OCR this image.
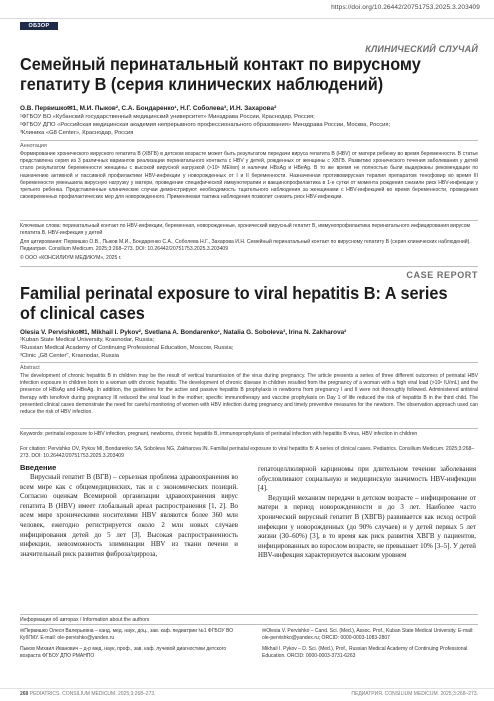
https://doi.org/10.26442/20751753.2025.3.203409
ОБЗОР
КЛИНИЧЕСКИЙ СЛУЧАЙ
Семейный перинатальный контакт по вирусному гепатиту В (серия клинических наблюдений)
О.В. Первишко✉1, М.И. Пыков², С.А. Бондаренко¹, Н.Г. Соболева³, И.Н. Захарова²
¹ФГБОУ ВО «Кубанский государственный медицинский университет» Минздрава России, Краснодар, Россия;
²ФГБОУ ДПО «Российская медицинская академия непрерывного профессионального образования» Минздрава России, Москва, Россия;
³Клиника «G8 Center», Краснодар, Россия
Аннотация
Формирование хронического вирусного гепатита В (ХВГВ) в детском возрасте может быть результатом передачи вируса гепатита В (HBV) от матери ребенку во время беременности. В статье представлена серия из 3 различных вариантов реализации перинатального контакта с HBV у детей, рожденных от женщины с ХВГВ. Развитию хронического течения заболевания у детей стало результатом беременности женщины с высокой вирусной нагрузкой (>10⁶ МЕ/мл) и наличии HBsAg и HBeAg. В то же время не полностью были выдержаны рекомендации по назначению активной и пассивной профилактики HBV-инфекции у новорожденных от I и II беременности. Назначенная противовирусная терапия препаратом тенофовир во время III беременности уменьшила вирусную нагрузку у матери, проведение специфической иммунотерапии и вакцинопрофилактика в 1-е сутки от момента рождения снизили риск HBV-инфекции у третьего ребенка. Представленные клинические случаи демонстрируют необходимость тщательного наблюдения за женщинами с HBV-инфекцией во время беременности, проведения своевременных профилактических мер для новорожденного. Применяемая тактика наблюдения позволит снизить риск HBV-инфекции.
Ключевые слова: перинатальный контакт по HBV-инфекции, беременная, новорожденные, хронический вирусный гепатит В, иммунопрофилактика перинатального инфицирования вирусом гепатита В, HBV-инфекция у детей
Для цитирования: Первишко О.В., Пыков М.И., Бондаренко С.А., Соболева Н.Г., Захарова И.Н. Семейный перинатальный контакт по вирусному гепатиту В (серия клинических наблюдений). Педиатрия. Consilium Medicum. 2025;3:268–273. DOI: 10.26442/20751753.2025.3.203409
© ООО «КОНСИЛИУМ МЕДИКУМ», 2025 г.
CASE REPORT
Familial perinatal exposure to viral hepatitis B: A series of clinical cases
Olesia V. Pervishko✉1, Mikhail I. Pykov², Svetlana A. Bondarenko¹, Natalia G. Soboleva³, Irina N. Zakharova²
¹Kuban State Medical University, Krasnodar, Russia;
²Russian Medical Academy of Continuing Professional Education, Moscow, Russia;
³Clinic „G8 Center", Krasnodar, Russia
Abstract
The development of chronic hepatitis B in children may be the result of vertical transmission of the virus during pregnancy. The article presents a series of three different outcomes of perinatal HBV infection exposure in children born to a woman with chronic hepatitis. The development of chronic disease in children resulted from the pregnancy of a woman with a high viral load (>10⁶ IU/mL) and the presence of HBsAg and HBeAg. In addition, the guidelines for the active and passive hepatitis B prophylaxis in newborns from pregnancy I and II were not thoroughly followed. Administered antiviral therapy with tenofovir during pregnancy III reduced the viral load in the mother; specific immunotherapy and vaccine prophylaxis on Day 1 of life reduced the risk of hepatitis B in the third child. The presented clinical cases demonstrate the need for careful monitoring of women with HBV infection during pregnancy and timely preventive measures for the newborn. The observation approach used can reduce the risk of HBV infection.
Keywords: perinatal exposure to HBV infection, pregnant, newborns, chronic hepatitis B, immunoprophylaxis of perinatal infection with hepatitis B virus, HBV infection in children
For citation: Pervishko OV, Pykov MI, Bondarenko SA, Soboleva NG, Zakharova IN. Familial perinatal exposure to viral hepatitis B: A series of clinical cases. Pediatrics. Consilium Medicum. 2025;3:268–273. DOI: 10.26442/20751753.2025.3.203409
Введение

Вирусный гепатит В (ВГВ) – серьезная проблема здравоохранения во всем мире как с общемедицинских, так и с экономических позиций. Согласно оценкам Всемирной организации здравоохранения вирус гепатита В (HBV) имеет глобальный ареал распространения [1, 2]. Во всем мире хроническими носителями HBV являются более 360 млн человек, ежегодно регистрируется около 2 млн новых случаев инфицирования детей до 5 лет [3]. Высокая распространенность инфекции, невозможность элиминации HBV из ткани печени и значительный риск развития фиброза/цирроза,

гепатоцеллюлярной карциномы при длительном течении заболевания обусловливают социальную и медицинскую значимость HBV-инфекции [4].

Ведущий механизм передачи в детском возрасте – инфицирование от матери в период новорожденности и до 3 лет. Наиболее часто хронический вирусный гепатит В (ХВГВ) развивается как исход острой инфекции у новорожденных (до 90% случаев) и у детей первых 5 лет жизни (30–60%) [3], в то время как риск развития ХВГВ у пациентов, инфицированных во взрослом возрасте, не превышает 10% [3–5]. У детей HBV-инфекция характеризуется высоким уровнем

Информация об авторах / Information about the authors
✉Первишко Олеся Валерьевна – канд. мед. наук, доц., зав. каф. педиатрии №1 ФГБОУ ВО КубГМУ. E-mail: ole-pervishko@yandex.ru
Пыков Михаил Иванович – д-р мед. наук, проф., зав. каф. лучевой диагностики детского возраста ФГБОУ ДПО РМАНПО
✉Olesia V. Pervishko – Cand. Sci. (Med.), Assoc. Prof., Kuban State Medical University. E-mail: ole-pervishko@yandex.ru; ORCID: 0000-0003-1083-2807
Mikhail I. Pykov – D. Sci. (Med.), Prof., Russian Medical Academy of Continuing Professional Education. ORCID: 0000-0003-3731-6263
268 PEDIATRICS. CONSILIUM MEDICUM. 2025;3:268–273.	ПЕДИАТРИЯ. CONSILIUM MEDICUM. 2025;3:268–273.
